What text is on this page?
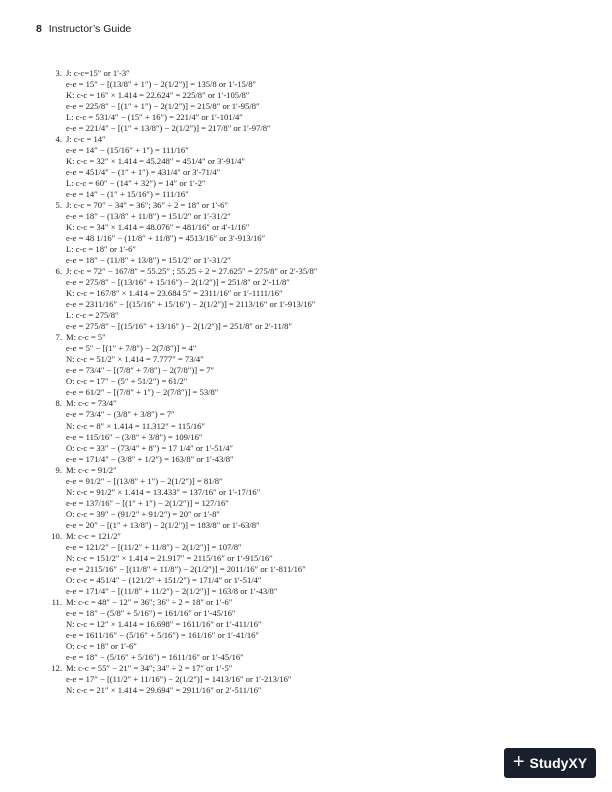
8 Instructor’s Guide
3. J: c-c=15″ or 1′-3″
e-e = 15″ − [(13/8″ + 1″) − 2(1/2″)] = 135/8 or 1′-15/8″
K: c-c = 16″ × 1.414 = 22.624″ = 225/8″ or 1′-105/8″
e-e = 225/8″ − [(1″ + 1″) − 2(1/2″)] = 215/8″ or 1′-95/8″
L: c-c = 531/4″ − (15″ + 16″) = 221/4″ or 1′-101/4″
e-e = 221/4″ − [(1″ + 13/8″) − 2(1/2″)] = 217/8″ or 1′-97/8″
4. J: c-c = 14″
e-e = 14″ − (15/16″ + 1″) = 111/16″
K: c-c = 32″ × 1.414 = 45.248″ = 451/4″ or 3′-91/4″
e-e = 451/4″ − (1″ + 1″) = 431/4″ or 3′-71/4″
L: c-c = 60″ − (14″ + 32″) = 14″ or 1′-2″
e-e = 14″ − (1″ + 15/16″) = 111/16″
5. J: c-c = 70″ − 34″ = 36″; 36″ ÷ 2 = 18″ or 1′-6″
e-e = 18″ − (13/8″ + 11/8″) = 151/2″ or 1′-31/2″
K: c-c = 34″ × 1.414 = 48.076″ = 481/16″ or 4′-1/16″
e-e = 48 1/16″ − (11/8″ + 11/8″) = 4513/16″ or 3′-913/16″
L: c-c = 18″ or 1′-6″
e-e = 18″ − (11/8″ + 13/8″) = 151/2″ or 1′-31/2″
6. J: c-c = 72″ − 167/8″ = 55.25″ ; 55.25 ÷ 2 = 27.625″ = 275/8″ or 2′-35/8″
e-e = 275/8″ − [(13/16″ + 15/16″) − 2(1/2″)] = 251/8″ or 2′-11/8″
K: c-c = 167/8″ × 1.414 = 23.684 5″ = 2311/16″ or 1′-1111/16″
e-e = 2311/16″ − [(15/16″ + 15/16″) − 2(1/2″)] = 2113/16″ or 1′-913/16″
L: c-c = 275/8″
e-e = 275/8″ − [(15/16″ + 13/16″ ) − 2(1/2″)] = 251/8″ or 2′-11/8″
7. M: c-c = 5″
e-e = 5″ − [(1″ + 7/8″) − 2(7/8″)] = 4″
N: c-c = 51/2″ × 1.414 = 7.777″ = 73/4″
e-e = 73/4″ − [(7/8″ + 7/8″) − 2(7/8″)] = 7″
O: c-c = 17″ − (5″ + 51/2″) = 61/2″
e-e = 61/2″ − [(7/8″ + 1″) − 2(7/8″)] = 53/8″
8. M: c-c = 73/4″
e-e = 73/4″ − (3/8″ + 3/8″) = 7″
N: c-c = 8″ × 1.414 = 11.312″ = 115/16″
e-e = 115/16″ − (3/8″ + 3/8″) = 109/16″
O: c-c = 33″ − (73/4″ + 8″) = 17 1/4″ or 1′-51/4″
e-e = 171/4″ − (3/8″ + 1/2″) = 163/8″ or 1′-43/8″
9. M: c-c = 91/2″
e-e = 91/2″ − [(13/8″ + 1″) − 2(1/2″)] = 81/8″
N: c-c = 91/2″ × 1.414 = 13.433″ = 137/16″ or 1′-17/16″
e-e = 137/16″ − [(1″ + 1″) − 2(1/2″)] = 127/16″
O: c-c = 39″ − (91/2″ + 91/2″) = 20″ or 1′-8″
e-e = 20″ − [(1″ + 13/8″) − 2(1/2″)] = 183/8″ or 1′-63/8″
10. M: c-c = 121/2″
e-e = 121/2″ − [(11/2″ + 11/8″) − 2(1/2″)] = 107/8″
N: c-c = 151/2″ × 1.414 = 21.917″ = 2115/16″ or 1′-915/16″
e-e = 2115/16″ − [(11/8″ + 11/8″) − 2(1/2″)] = 2011/16″ or 1′-811/16″
O: c-c = 451/4″ − (121/2″ + 151/2″) = 171/4″ or 1′-51/4″
e-e = 171/4″ − [(11/8″ + 11/2″) − 2(1/2″)] = 163/8 or 1′-43/8″
11. M: c-c = 48″ − 12″ = 36″; 36″ ÷ 2 = 18″ or 1′-6″
e-e = 18″ − (5/8″ + 5/16″) = 161/16″ or 1′-45/16″
N: c-c = 12″ × 1.414 = 16.698″ = 1611/16″ or 1′-411/16″
e-e = 1611/16″ − (5/16″ + 5/16″) = 161/16″ or 1′-41/16″
O: c-c = 18″ or 1′-6″
e-e = 18″ − (5/16″ + 5/16″) = 1611/16″ or 1′-45/16″
12. M: c-c = 55″ − 21″ = 34″; 34″ ÷ 2 = 17″ or 1′-5″
e-e = 17″ − [(11/2″ + 11/16″) − 2(1/2″)] = 1413/16″ or 1′-213/16″
N: c-c = 21″ × 1.414 = 29.694″ = 2911/16″ or 2′-511/16″
+ StudyXY
